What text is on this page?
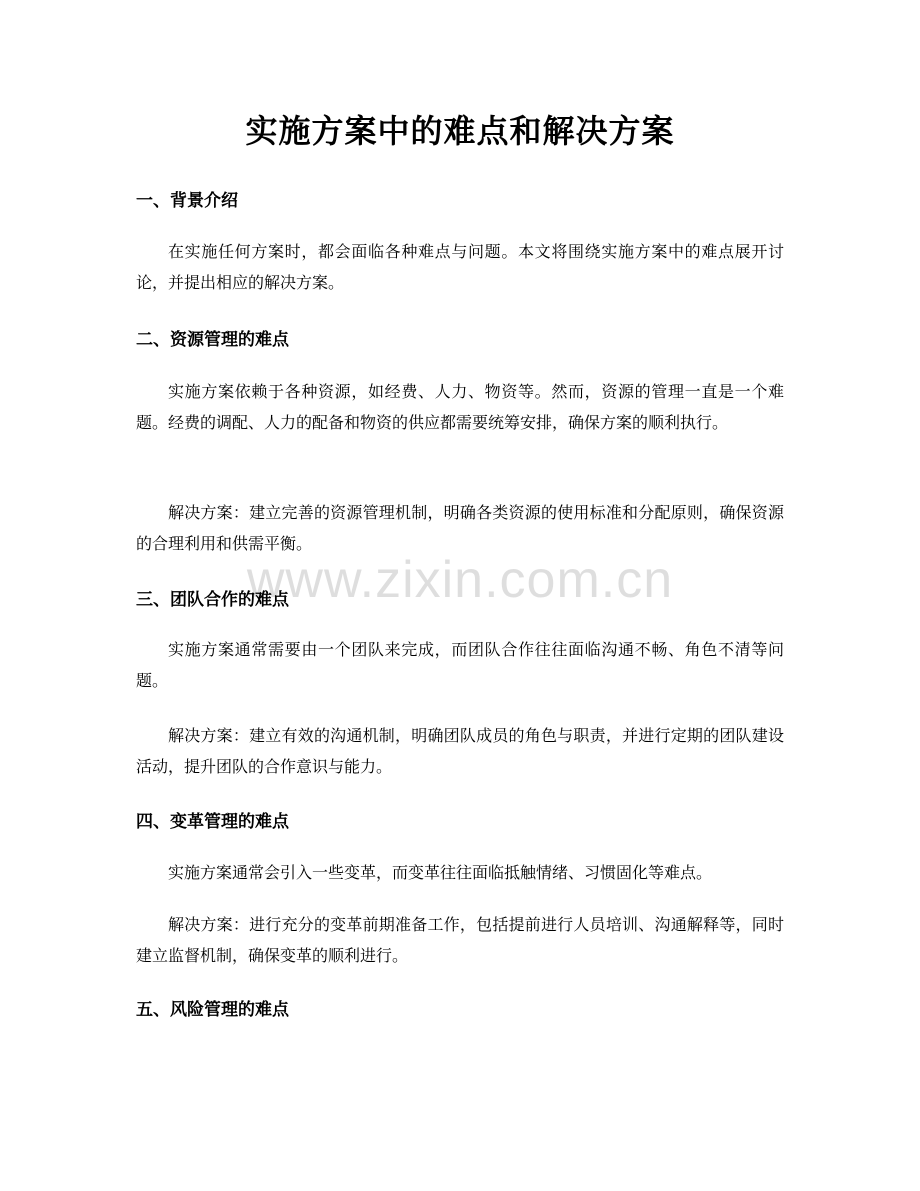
实施方案中的难点和解决方案
一、背景介绍

在实施任何方案时，都会面临各种难点与问题。本文将围绕实施方案中的难点展开讨论，并提出相应的解决方案。

二、资源管理的难点

实施方案依赖于各种资源，如经费、人力、物资等。然而，资源的管理一直是一个难题。经费的调配、人力的配备和物资的供应都需要统筹安排，确保方案的顺利执行。

解决方案：建立完善的资源管理机制，明确各类资源的使用标准和分配原则，确保资源的合理利用和供需平衡。

三、团队合作的难点

实施方案通常需要由一个团队来完成，而团队合作往往面临沟通不畅、角色不清等问题。

解决方案：建立有效的沟通机制，明确团队成员的角色与职责，并进行定期的团队建设活动，提升团队的合作意识与能力。

四、变革管理的难点

实施方案通常会引入一些变革，而变革往往面临抵触情绪、习惯固化等难点。

解决方案：进行充分的变革前期准备工作，包括提前进行人员培训、沟通解释等，同时建立监督机制，确保变革的顺利进行。

五、风险管理的难点
www.zixin.com.cn
